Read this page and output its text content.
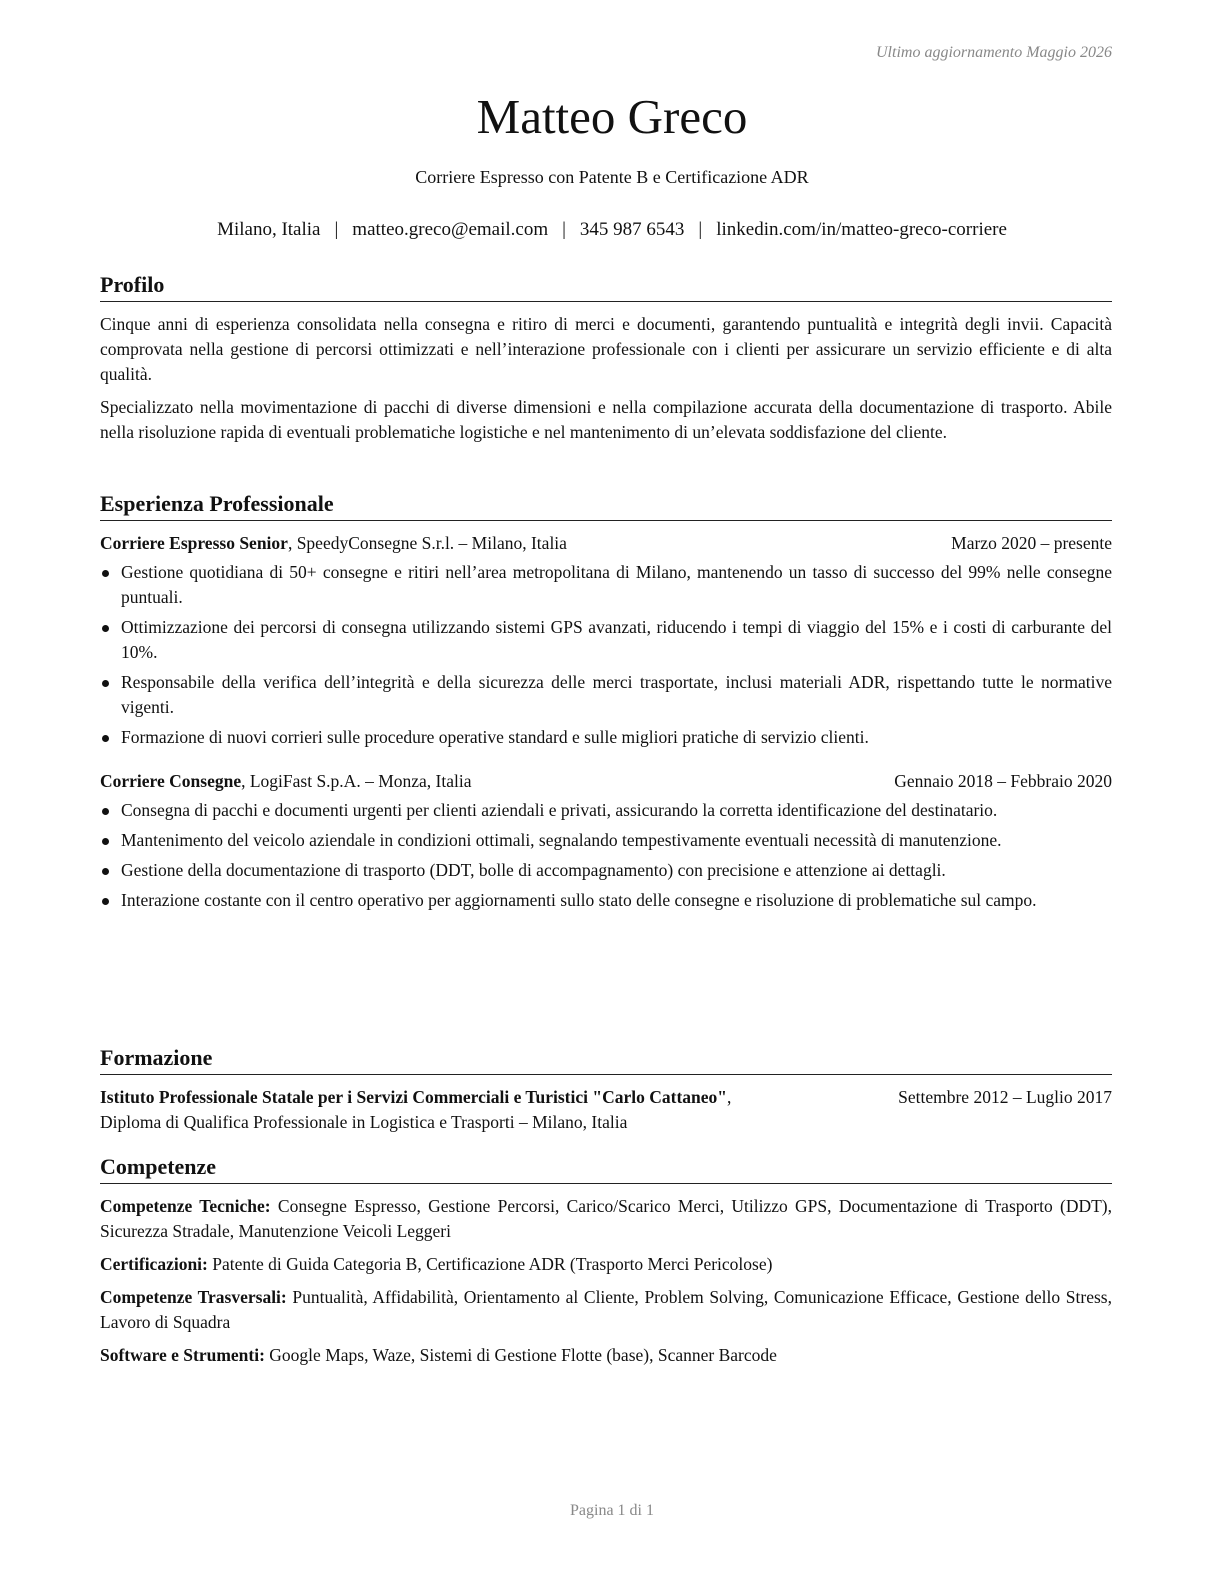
Ultimo aggiornamento Maggio 2026
Matteo Greco
Corriere Espresso con Patente B e Certificazione ADR
Milano, Italia | matteo.greco@email.com | 345 987 6543 | linkedin.com/in/matteo-greco-corriere
Profilo

Cinque anni di esperienza consolidata nella consegna e ritiro di merci e documenti, garantendo puntualità e integrità degli invii. Capacità comprovata nella gestione di percorsi ottimizzati e nell’interazione professionale con i clienti per assicurare un servizio efficiente e di alta qualità.

Specializzato nella movimentazione di pacchi di diverse dimensioni e nella compilazione accurata della documentazione di trasporto. Abile nella risoluzione rapida di eventuali problematiche logistiche e nel mantenimento di un’elevata soddisfazione del cliente.

Esperienza Professionale
Corriere Espresso Senior, SpeedyConsegne S.r.l. – Milano, Italia	Marzo 2020 – presente
Gestione quotidiana di 50+ consegne e ritiri nell’area metropolitana di Milano, mantenendo un tasso di successo del 99% nelle consegne puntuali.
Ottimizzazione dei percorsi di consegna utilizzando sistemi GPS avanzati, riducendo i tempi di viaggio del 15% e i costi di carburante del 10%.
Responsabile della verifica dell’integrità e della sicurezza delle merci trasportate, inclusi materiali ADR, rispettando tutte le normative vigenti.
Formazione di nuovi corrieri sulle procedure operative standard e sulle migliori pratiche di servizio clienti.
Corriere Consegne, LogiFast S.p.A. – Monza, Italia	Gennaio 2018 – Febbraio 2020
Consegna di pacchi e documenti urgenti per clienti aziendali e privati, assicurando la corretta identificazione del destinatario.
Mantenimento del veicolo aziendale in condizioni ottimali, segnalando tempestivamente eventuali necessità di manutenzione.
Gestione della documentazione di trasporto (DDT, bolle di accompagnamento) con precisione e attenzione ai dettagli.
Interazione costante con il centro operativo per aggiornamenti sullo stato delle consegne e risoluzione di problematiche sul campo.
Formazione
Istituto Professionale Statale per i Servizi Commerciali e Turistici "Carlo Cattaneo",
Diploma di Qualifica Professionale in Logistica e Trasporti – Milano, Italia
Settembre 2012 – Luglio 2017
Competenze

Competenze Tecniche: Consegne Espresso, Gestione Percorsi, Carico/Scarico Merci, Utilizzo GPS, Documentazione di Trasporto (DDT), Sicurezza Stradale, Manutenzione Veicoli Leggeri

Certificazioni: Patente di Guida Categoria B, Certificazione ADR (Trasporto Merci Pericolose)

Competenze Trasversali: Puntualità, Affidabilità, Orientamento al Cliente, Problem Solving, Comunicazione Efficace, Gestione dello Stress, Lavoro di Squadra

Software e Strumenti: Google Maps, Waze, Sistemi di Gestione Flotte (base), Scanner Barcode

Pagina 1 di 1
